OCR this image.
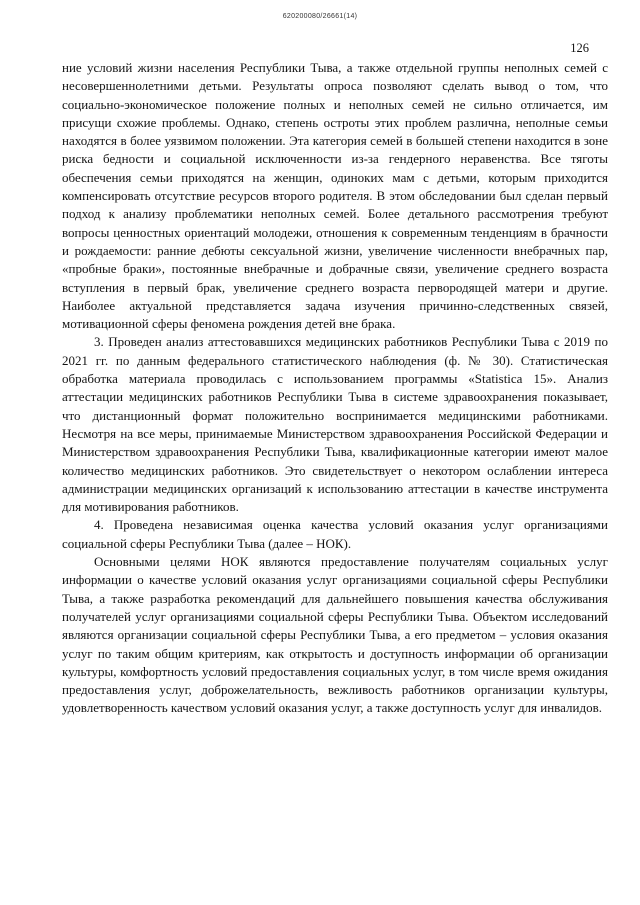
620200080/26661(14)
126

ние условий жизни населения Республики Тыва, а также отдельной группы неполных семей с несовершеннолетними детьми. Результаты опроса позволяют сделать вывод о том, что социально-экономическое положение полных и неполных семей не сильно отличается, им присущи схожие проблемы. Однако, степень остроты этих проблем различна, неполные семьи находятся в более уязвимом положении. Эта категория семей в большей степени находится в зоне риска бедности и социальной исключенности из-за гендерного неравенства. Все тяготы обеспечения семьи приходятся на женщин, одиноких мам с детьми, которым приходится компенсировать отсутствие ресурсов второго родителя. В этом обследовании был сделан первый подход к анализу проблематики неполных семей. Более детального рассмотрения требуют вопросы ценностных ориентаций молодежи, отношения к современным тенденциям в брачности и рождаемости: ранние дебюты сексуальной жизни, увеличение численности внебрачных пар, «пробные браки», постоянные внебрачные и добрачные связи, увеличение среднего возраста вступления в первый брак, увеличение среднего возраста первородящей матери и другие. Наиболее актуальной представляется задача изучения причинно-следственных связей, мотивационной сферы феномена рождения детей вне брака.

3. Проведен анализ аттестовавшихся медицинских работников Республики Тыва с 2019 по 2021 гг. по данным федерального статистического наблюдения (ф. № 30). Статистическая обработка материала проводилась с использованием программы «Statistica 15». Анализ аттестации медицинских работников Республики Тыва в системе здравоохранения показывает, что дистанционный формат положительно воспринимается медицинскими работниками. Несмотря на все меры, принимаемые Министерством здравоохранения Российской Федерации и Министерством здравоохранения Республики Тыва, квалификационные категории имеют малое количество медицинских работников. Это свидетельствует о некотором ослаблении интереса администрации медицинских организаций к использованию аттестации в качестве инструмента для мотивирования работников.

4. Проведена независимая оценка качества условий оказания услуг организациями социальной сферы Республики Тыва (далее – НОК).

Основными целями НОК являются предоставление получателям социальных услуг информации о качестве условий оказания услуг организациями социальной сферы Республики Тыва, а также разработка рекомендаций для дальнейшего повышения качества обслуживания получателей услуг организациями социальной сферы Республики Тыва. Объектом исследований являются организации социальной сферы Республики Тыва, а его предметом – условия оказания услуг по таким общим критериям, как открытость и доступность информации об организации культуры, комфортность условий предоставления социальных услуг, в том числе время ожидания предоставления услуг, доброжелательность, вежливость работников организации культуры, удовлетворенность качеством условий оказания услуг, а также доступность услуг для инвалидов.
